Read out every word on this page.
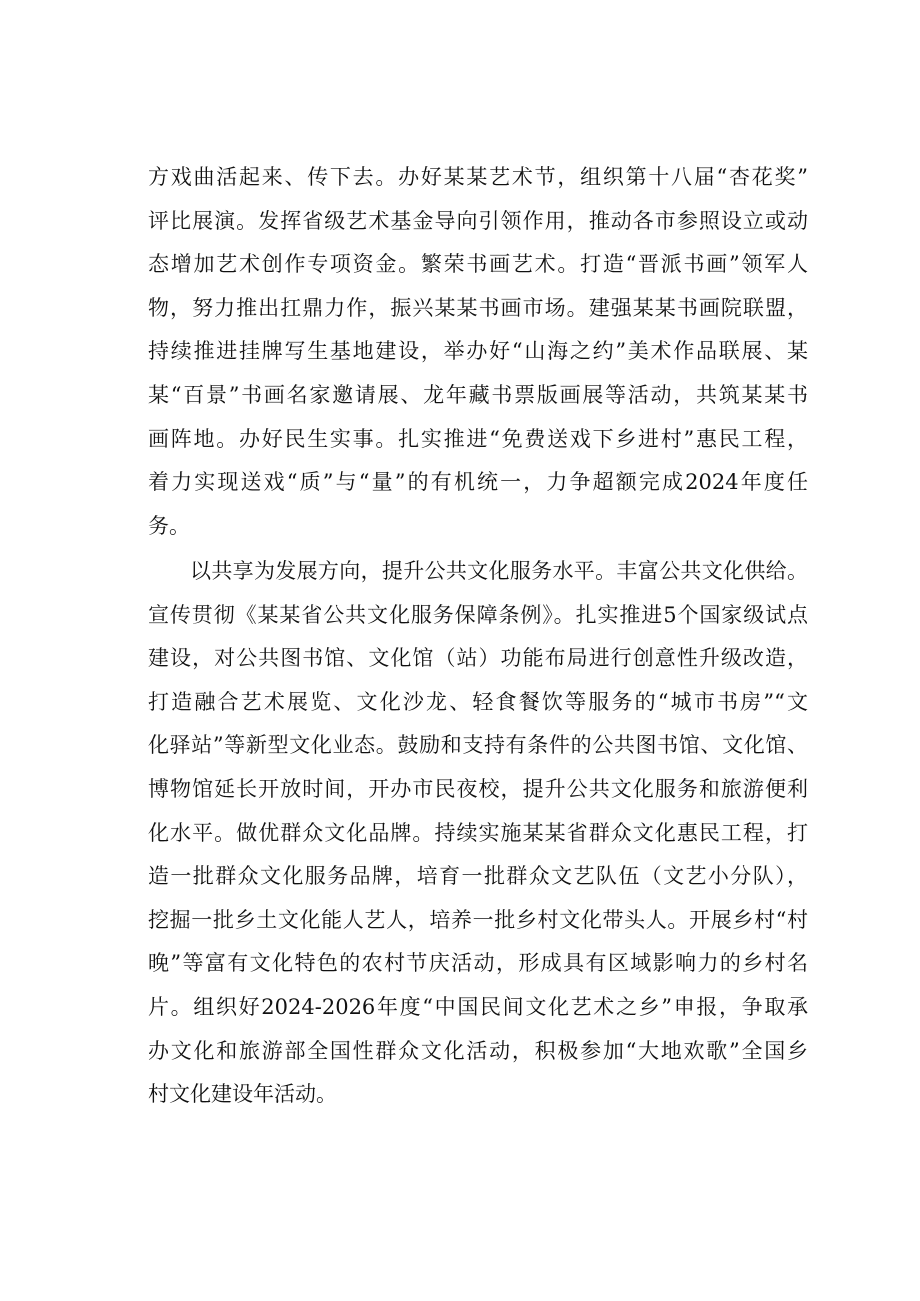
方戏曲活起来、传下去。办好某某艺术节，组织第十八届“杏花奖”
评比展演。发挥省级艺术基金导向引领作用，推动各市参照设立或动
态增加艺术创作专项资金。繁荣书画艺术。打造“晋派书画”领军人
物，努力推出扛鼎力作，振兴某某书画市场。建强某某书画院联盟，
持续推进挂牌写生基地建设，举办好“山海之约”美术作品联展、某
某“百景”书画名家邀请展、龙年藏书票版画展等活动，共筑某某书
画阵地。办好民生实事。扎实推进“免费送戏下乡进村”惠民工程，
着力实现送戏“质”与“量”的有机统一，力争超额完成2024年度任
务。
以共享为发展方向，提升公共文化服务水平。丰富公共文化供给。
宣传贯彻《某某省公共文化服务保障条例》。扎实推进5个国家级试点
建设，对公共图书馆、文化馆（站）功能布局进行创意性升级改造，
打造融合艺术展览、文化沙龙、轻食餐饮等服务的“城市书房”“文
化驿站”等新型文化业态。鼓励和支持有条件的公共图书馆、文化馆、
博物馆延长开放时间，开办市民夜校，提升公共文化服务和旅游便利
化水平。做优群众文化品牌。持续实施某某省群众文化惠民工程，打
造一批群众文化服务品牌，培育一批群众文艺队伍（文艺小分队），
挖掘一批乡土文化能人艺人，培养一批乡村文化带头人。开展乡村“村
晚”等富有文化特色的农村节庆活动，形成具有区域影响力的乡村名
片。组织好2024-2026年度“中国民间文化艺术之乡”申报，争取承
办文化和旅游部全国性群众文化活动，积极参加“大地欢歌”全国乡
村文化建设年活动。
